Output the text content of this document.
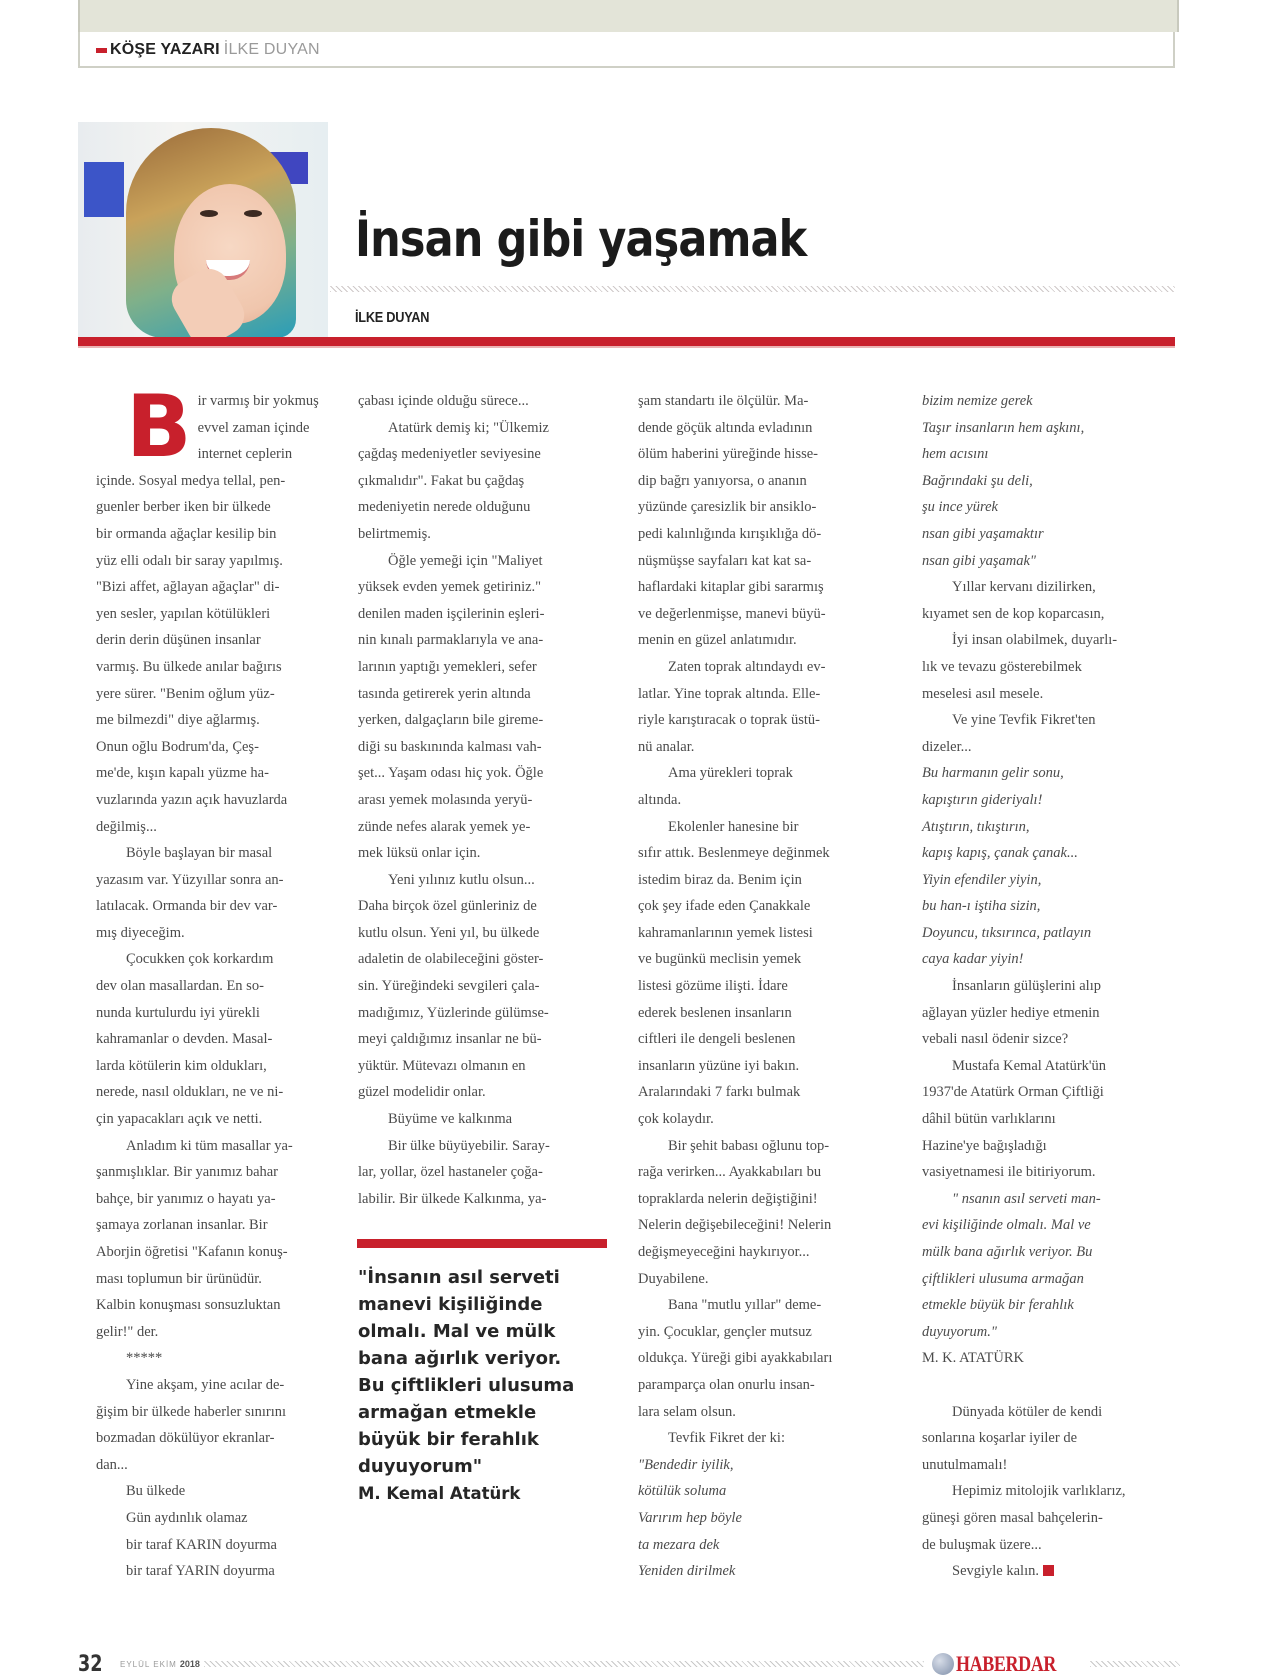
KÖŞE YAZARI İLKE DUYAN
İnsan gibi yaşamak
İLKE DUYAN
B ir varmış bir yokmuş
evvel zaman içinde
internet ceplerin
içinde. Sosyal medya tellal, pen-
guenler berber iken bir ülkede
bir ormanda ağaçlar kesilip bin
yüz elli odalı bir saray yapılmış.
"Bizi affet, ağlayan ağaçlar" di-
yen sesler, yapılan kötülükleri
derin derin düşünen insanlar
varmış. Bu ülkede anılar bağırıs
yere sürer. "Benim oğlum yüz-
me bilmezdi" diye ağlarmış.
Onun oğlu Bodrum'da, Çeş-
me'de, kışın kapalı yüzme ha-
vuzlarında yazın açık havuzlarda
değilmiş...

Böyle başlayan bir masal
yazasım var. Yüzyıllar sonra an-
latılacak. Ormanda bir dev var-
mış diyeceğim.

Çocukken çok korkardım
dev olan masallardan. En so-
nunda kurtulurdu iyi yürekli
kahramanlar o devden. Masal-
larda kötülerin kim oldukları,
nerede, nasıl oldukları, ne ve ni-
çin yapacakları açık ve netti.

Anladım ki tüm masallar ya-
şanmışlıklar. Bir yanımız bahar
bahçe, bir yanımız o hayatı ya-
şamaya zorlanan insanlar. Bir
Aborjin öğretisi "Kafanın konuş-
ması toplumun bir ürünüdür.
Kalbin konuşması sonsuzluktan
gelir!" der.

*****

Yine akşam, yine acılar de-
ğişim bir ülkede haberler sınırını
bozmadan dökülüyor ekranlar-
dan...

Bu ülkede
Gün aydınlık olamaz
bir taraf KARIN doyurma
bir taraf YARIN doyurma

çabası içinde olduğu sürece...

Atatürk demiş ki; "Ülkemiz
çağdaş medeniyetler seviyesine
çıkmalıdır". Fakat bu çağdaş
medeniyetin nerede olduğunu
belirtmemiş.

Öğle yemeği için "Maliyet
yüksek evden yemek getiriniz."
denilen maden işçilerinin eşleri-
nin kınalı parmaklarıyla ve ana-
larının yaptığı yemekleri, sefer
tasında getirerek yerin altında
yerken, dalgaçların bile gireme-
diği su baskınında kalması vah-
şet... Yaşam odası hiç yok. Öğle
arası yemek molasında yeryü-
zünde nefes alarak yemek ye-
mek lüksü onlar için.

Yeni yılınız kutlu olsun...
Daha birçok özel günleriniz de
kutlu olsun. Yeni yıl, bu ülkede
adaletin de olabileceğini göster-
sin. Yüreğindeki sevgileri çala-
madığımız, Yüzlerinde gülümse-
meyi çaldığımız insanlar ne bü-
yüktür. Mütevazı olmanın en
güzel modelidir onlar.

Büyüme ve kalkınma

Bir ülke büyüyebilir. Saray-
lar, yollar, özel hastaneler çoğa-
labilir. Bir ülkede Kalkınma, ya-

şam standartı ile ölçülür. Ma-
dende göçük altında evladının
ölüm haberini yüreğinde hisse-
dip bağrı yanıyorsa, o ananın
yüzünde çaresizlik bir ansiklo-
pedi kalınlığında kırışıklığa dö-
nüşmüşse sayfaları kat kat sa-
haflardaki kitaplar gibi sararmış
ve değerlenmişse, manevi büyü-
menin en güzel anlatımıdır.

Zaten toprak altındaydı ev-
latlar. Yine toprak altında. Elle-
riyle karıştıracak o toprak üstü-
nü analar.

Ama yürekleri toprak
altında.

Ekolenler hanesine bir
sıfır attık. Beslenmeye değinmek
istedim biraz da. Benim için
çok şey ifade eden Çanakkale
kahramanlarının yemek listesi
ve bugünkü meclisin yemek
listesi gözüme ilişti. İdare
ederek beslenen insanların
ciftleri ile dengeli beslenen
insanların yüzüne iyi bakın.
Aralarındaki 7 farkı bulmak
çok kolaydır.

Bir şehit babası oğlunu top-
rağa verirken... Ayakkabıları bu
topraklarda nelerin değiştiğini!
Nelerin değişebileceğini! Nelerin
değişmeyeceğini haykırıyor...
Duyabilene.

Bana "mutlu yıllar" deme-
yin. Çocuklar, gençler mutsuz
oldukça. Yüreği gibi ayakkabıları
paramparça olan onurlu insan-
lara selam olsun.

Tevfik Fikret der ki:

"Bendedir iyilik,
kötülük soluma
Varırım hep böyle
ta mezara dek
Yeniden dirilmek

bizim nemize gerek
Taşır insanların hem aşkını,
hem acısını
Bağrındaki şu deli,
şu ince yürek
nsan gibi yaşamaktır
nsan gibi yaşamak"

Yıllar kervanı dizilirken,
kıyamet sen de kop koparcasın,

İyi insan olabilmek, duyarlı-
lık ve tevazu gösterebilmek
meselesi asıl mesele.

Ve yine Tevfik Fikret'ten
dizeler...

Bu harmanın gelir sonu,
kapıştırın gideriyalı!
Atıştırın, tıkıştırın,
kapış kapış, çanak çanak...
Yiyin efendiler yiyin,
bu han-ı iştiha sizin,
Doyuncu, tıksırınca, patlayın
caya kadar yiyin!

İnsanların gülüşlerini alıp
ağlayan yüzler hediye etmenin
vebali nasıl ödenir sizce?

Mustafa Kemal Atatürk'ün
1937'de Atatürk Orman Çiftliği
dâhil bütün varlıklarını
Hazine'ye bağışladığı
vasiyetnamesi ile bitiriyorum.

" nsanın asıl serveti man-
evi kişiliğinde olmalı. Mal ve
mülk bana ağırlık veriyor. Bu
çiftlikleri ulusuma armağan
etmekle büyük bir ferahlık
duyuyorum."

M. K. ATATÜRK

Dünyada kötüler de kendi
sonlarına koşarlar iyiler de
unutulmamalı!

Hepimiz mitolojik varlıklarız,
güneşi gören masal bahçelerin-
de buluşmak üzere...

Sevgiyle kalın.

"İnsanın asıl serveti
manevi kişiliğinde
olmalı. Mal ve mülk
bana ağırlık veriyor.
Bu çiftlikleri ulusuma
armağan etmekle
büyük bir ferahlık
duyuyorum"
M. Kemal Atatürk
32 EYLÜL EKİM 2018	HABERDAR
